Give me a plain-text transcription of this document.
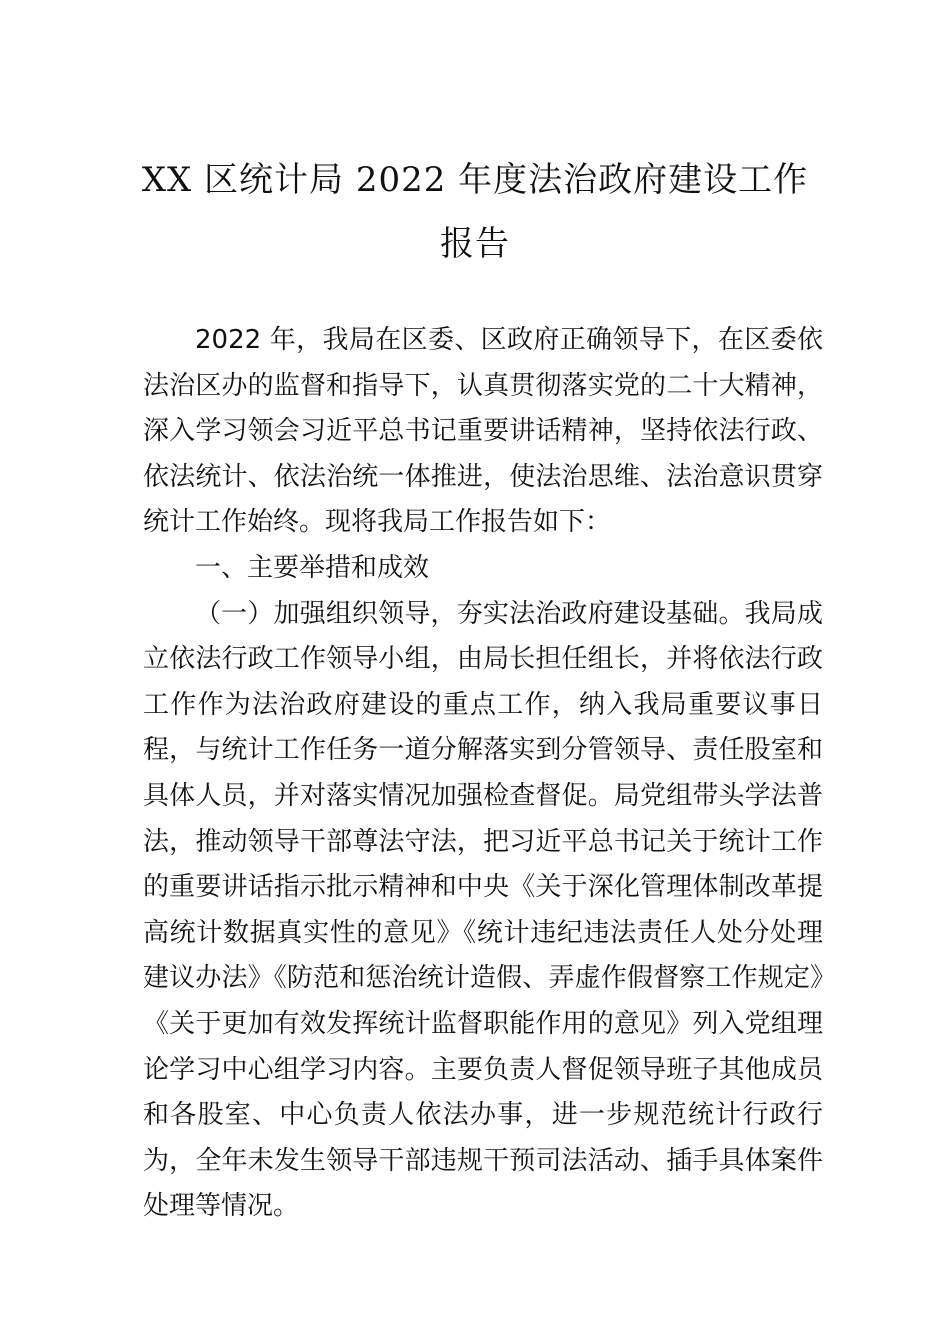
XX 区统计局 2022 年度法治政府建设工作
报告

2022 年，我局在区委、区政府正确领导下，在区委依法治区办的监督和指导下，认真贯彻落实党的二十大精神，深入学习领会习近平总书记重要讲话精神，坚持依法行政、依法统计、依法治统一体推进，使法治思维、法治意识贯穿统计工作始终。现将我局工作报告如下：

一、主要举措和成效

（一）加强组织领导，夯实法治政府建设基础。我局成立依法行政工作领导小组，由局长担任组长，并将依法行政工作作为法治政府建设的重点工作，纳入我局重要议事日程，与统计工作任务一道分解落实到分管领导、责任股室和具体人员，并对落实情况加强检查督促。局党组带头学法普法，推动领导干部尊法守法，把习近平总书记关于统计工作的重要讲话指示批示精神和中央《关于深化管理体制改革提高统计数据真实性的意见》《统计违纪违法责任人处分处理建议办法》《防范和惩治统计造假、弄虚作假督察工作规定》《关于更加有效发挥统计监督职能作用的意见》列入党组理论学习中心组学习内容。主要负责人督促领导班子其他成员和各股室、中心负责人依法办事，进一步规范统计行政行为，全年未发生领导干部违规干预司法活动、插手具体案件处理等情况。
